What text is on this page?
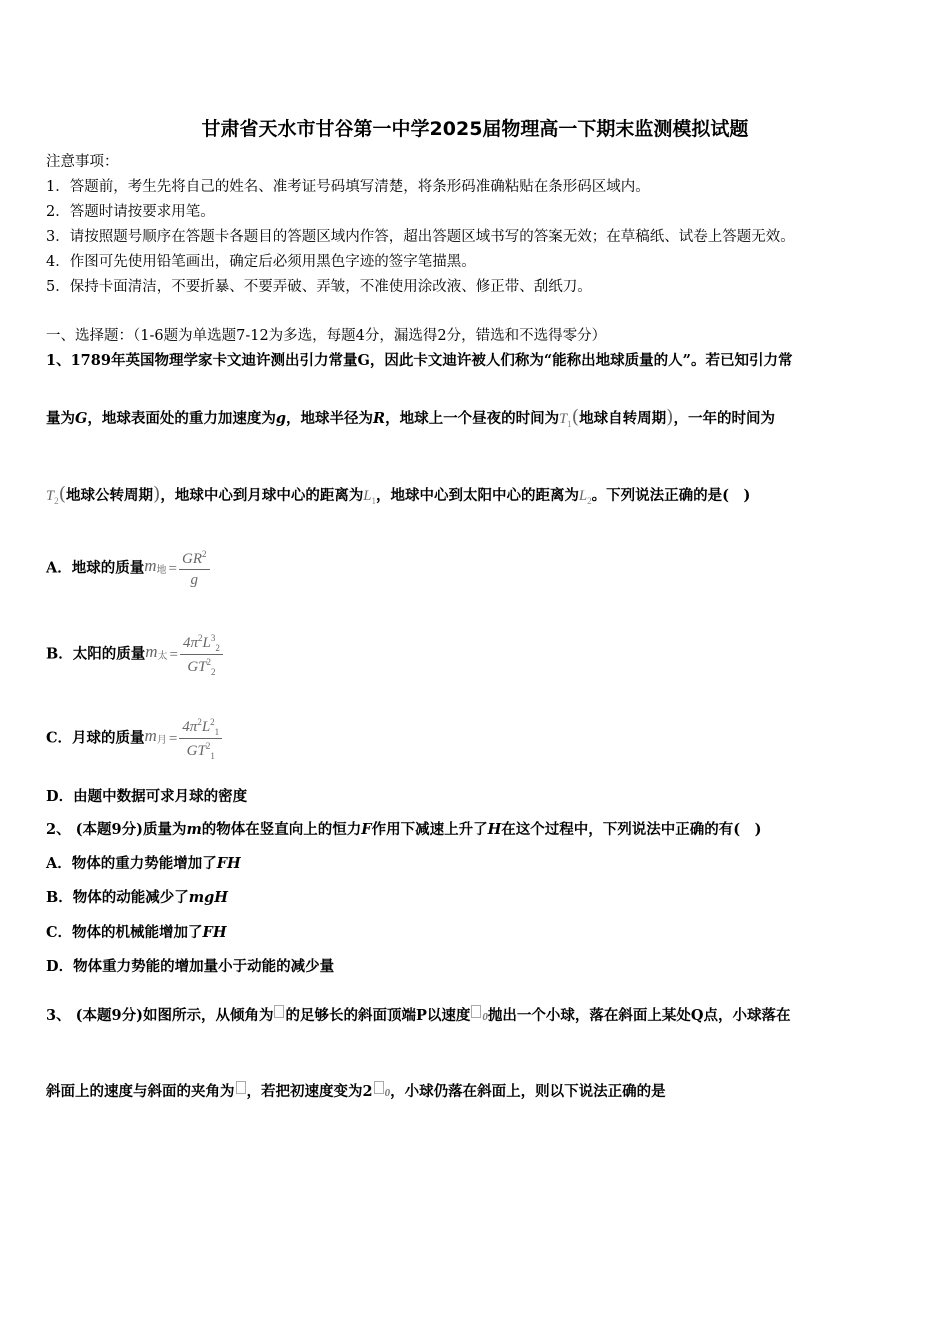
甘肃省天水市甘谷第一中学2025届物理高一下期末监测模拟试题
注意事项：
1．答题前，考生先将自己的姓名、准考证号码填写清楚，将条形码准确粘贴在条形码区域内。
2．答题时请按要求用笔。
3．请按照题号顺序在答题卡各题目的答题区域内作答，超出答题区域书写的答案无效；在草稿纸、试卷上答题无效。
4．作图可先使用铅笔画出，确定后必须用黑色字迹的签字笔描黑。
5．保持卡面清洁，不要折暴、不要弄破、弄皱，不准使用涂改液、修正带、刮纸刀。
一、选择题：（1-6题为单选题7-12为多选，每题4分，漏选得2分，错选和不选得零分）
1、1789年英国物理学家卡文迪许测出引力常量G，因此卡文迪许被人们称为“能称出地球质量的人”。若已知引力常
量为G，地球表面处的重力加速度为g，地球半径为R，地球上一个昼夜的时间为$T_1$(地球自转周期)，一年的时间为
$T_2$(地球公转周期)，地球中心到月球中心的距离为$L_1$，地球中心到太阳中心的距离为$L_2$。下列说法正确的是(　)
A．地球的质量m地 = $\frac{GR^2}{g}$
B．太阳的质量m太 = $\frac{4\pi^2L^3_2}{GT^2_2}$
C．月球的质量m月 = $\frac{4\pi^2L^2_1}{GT^2_1}$
D．由题中数据可求月球的密度
2、 (本题9分)质量为m的物体在竖直向上的恒力F作用下减速上升了H在这个过程中，下列说法中正确的有(　)
A．物体的重力势能增加了FH
B．物体的动能减少了mgH
C．物体的机械能增加了FH
D．物体重力势能的增加量小于动能的减少量
3、 (本题9分)如图所示，从倾角为 的足够长的斜面顶端P以速度 0抛出一个小球，落在斜面上某处Q点，小球落在
斜面上的速度与斜面的夹角为 ，若把初速度变为2 0，小球仍落在斜面上，则以下说法正确的是
